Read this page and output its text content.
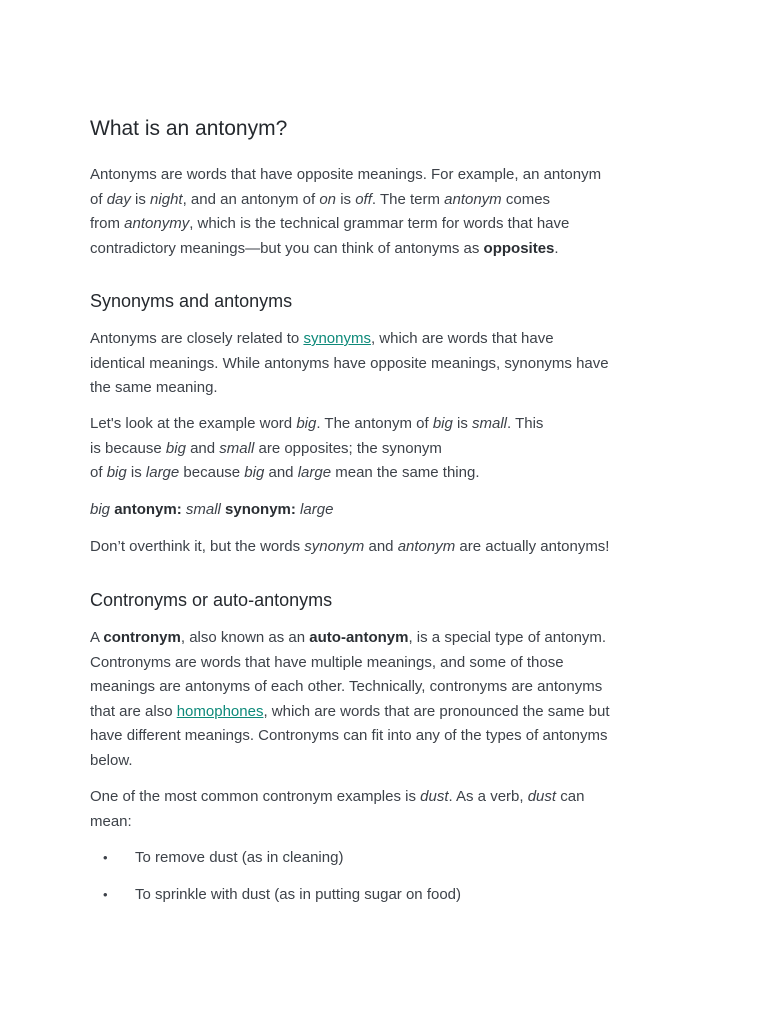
What is an antonym?

Antonyms are words that have opposite meanings. For example, an antonym
of day is night, and an antonym of on is off. The term antonym comes
from antonymy, which is the technical grammar term for words that have
contradictory meanings—but you can think of antonyms as opposites.

Synonyms and antonyms

Antonyms are closely related to synonyms, which are words that have
identical meanings. While antonyms have opposite meanings, synonyms have
the same meaning.

Let's look at the example word big. The antonym of big is small. This
is because big and small are opposites; the synonym
of big is large because big and large mean the same thing.

big antonym: small synonym: large

Don’t overthink it, but the words synonym and antonym are actually antonyms!

Contronyms or auto-antonyms

A contronym, also known as an auto-antonym, is a special type of antonym.
Contronyms are words that have multiple meanings, and some of those
meanings are antonyms of each other. Technically, contronyms are antonyms
that are also homophones, which are words that are pronounced the same but
have different meanings. Contronyms can fit into any of the types of antonyms
below.

One of the most common contronym examples is dust. As a verb, dust can
mean:

• To remove dust (as in cleaning)
• To sprinkle with dust (as in putting sugar on food)
